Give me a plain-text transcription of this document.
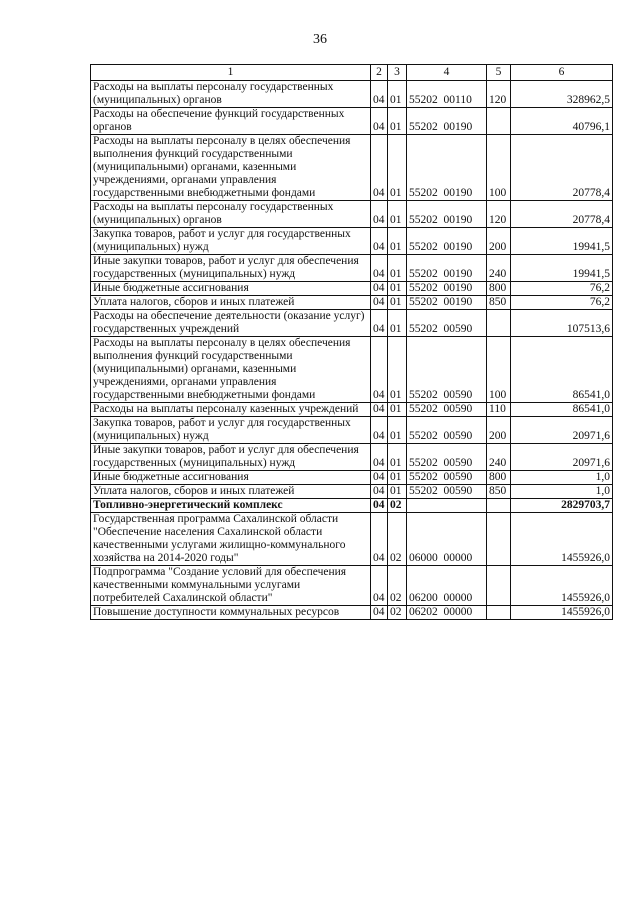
36
1	2	3	4	5	6
Расходы на выплаты персоналу государственных (муниципальных) органов	04	01	55202  00110	120	328962,5
Расходы на обеспечение функций государственных органов	04	01	55202  00190		40796,1
Расходы на выплаты персоналу в целях обеспечения выполнения функций государственными (муниципальными) органами, казенными учреждениями, органами управления государственными внебюджетными фондами	04	01	55202  00190	100	20778,4
Расходы на выплаты персоналу государственных (муниципальных) органов	04	01	55202  00190	120	20778,4
Закупка товаров, работ и услуг для государственных (муниципальных) нужд	04	01	55202  00190	200	19941,5
Иные закупки товаров, работ и услуг для обеспечения государственных (муниципальных) нужд	04	01	55202  00190	240	19941,5
Иные бюджетные ассигнования	04	01	55202  00190	800	76,2
Уплата налогов, сборов и иных платежей	04	01	55202  00190	850	76,2
Расходы на обеспечение деятельности (оказание услуг) государственных учреждений	04	01	55202  00590		107513,6
Расходы на выплаты персоналу в целях обеспечения выполнения функций государственными (муниципальными) органами, казенными учреждениями, органами управления государственными внебюджетными фондами	04	01	55202  00590	100	86541,0
Расходы на выплаты персоналу казенных учреждений	04	01	55202  00590	110	86541,0
Закупка товаров, работ и услуг для государственных (муниципальных) нужд	04	01	55202  00590	200	20971,6
Иные закупки товаров, работ и услуг для обеспечения государственных (муниципальных) нужд	04	01	55202  00590	240	20971,6
Иные бюджетные ассигнования	04	01	55202  00590	800	1,0
Уплата налогов, сборов и иных платежей	04	01	55202  00590	850	1,0
Топливно-энергетический комплекс	04	02			2829703,7
Государственная программа Сахалинской области "Обеспечение населения Сахалинской области качественными услугами жилищно-коммунального хозяйства на 2014-2020 годы"	04	02	06000  00000		1455926,0
Подпрограмма "Создание условий для обеспечения качественными коммунальными услугами потребителей Сахалинской области"	04	02	06200  00000		1455926,0
Повышение доступности коммунальных ресурсов	04	02	06202  00000		1455926,0
